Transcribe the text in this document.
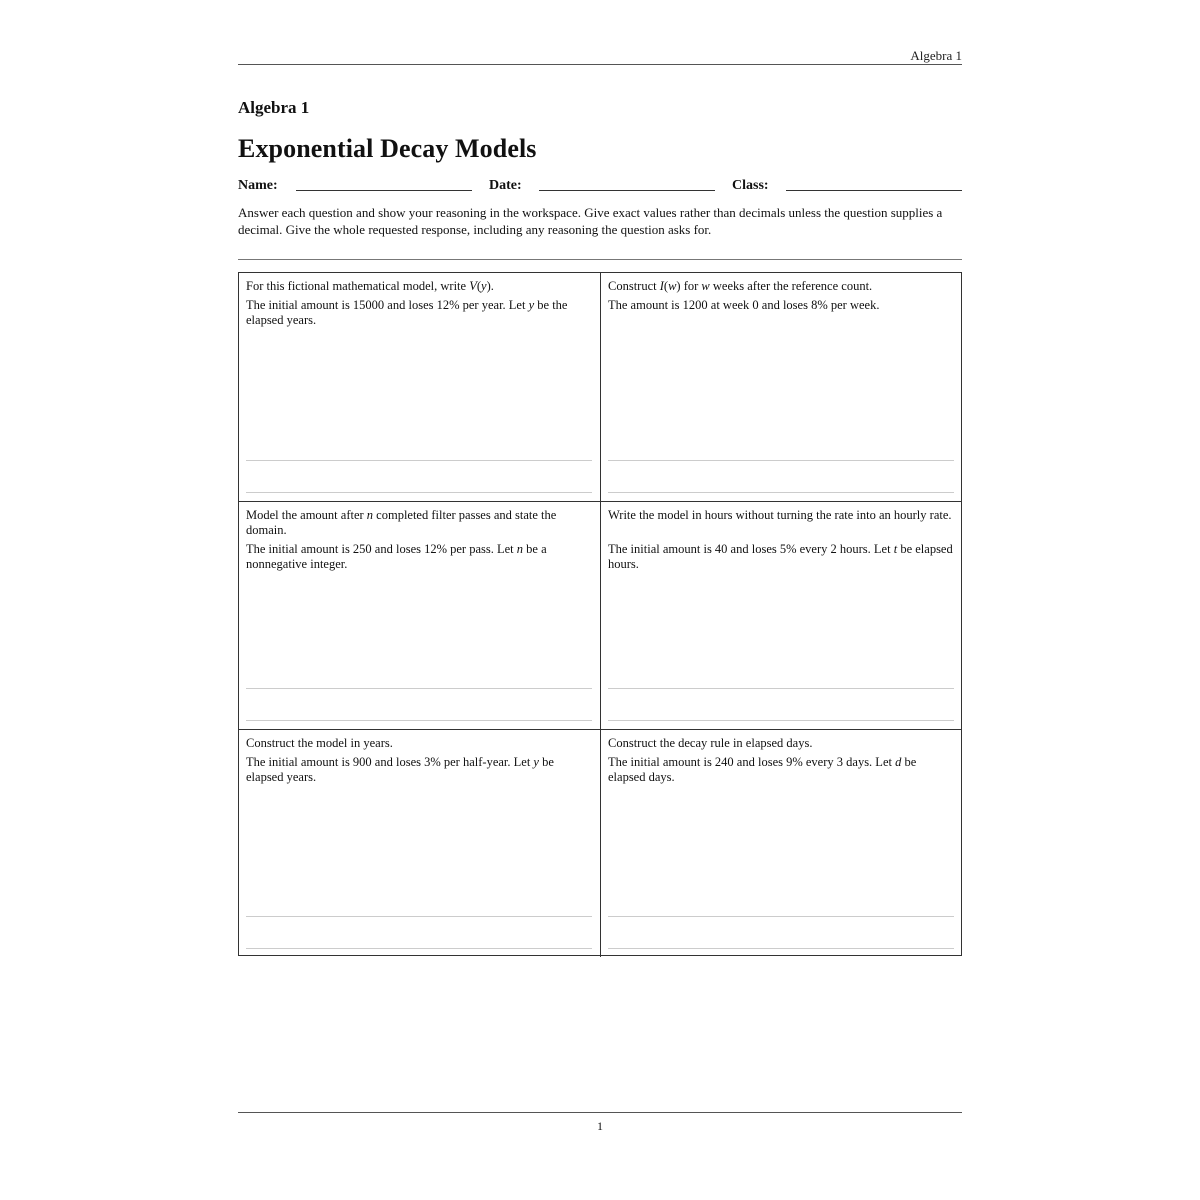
Algebra 1
Algebra 1
Exponential Decay Models
Name:	Date:	Class:
Answer each question and show your reasoning in the workspace. Give exact values rather than decimals unless the question supplies a decimal. Give the whole requested response, including any reasoning the question asks for.
For this fictional mathematical model, write V(y).
The initial amount is 15000 and loses 12% per year. Let y be the elapsed years.
Construct I(w) for w weeks after the reference count.
The amount is 1200 at week 0 and loses 8% per week.
Model the amount after n completed filter passes and state the domain.
The initial amount is 250 and loses 12% per pass. Let n be a nonnegative integer.
Write the model in hours without turning the rate into an hourly rate.
The initial amount is 40 and loses 5% every 2 hours. Let t be elapsed hours.
Construct the model in years.
The initial amount is 900 and loses 3% per half-year. Let y be elapsed years.
Construct the decay rule in elapsed days.
The initial amount is 240 and loses 9% every 3 days. Let d be elapsed days.
1
